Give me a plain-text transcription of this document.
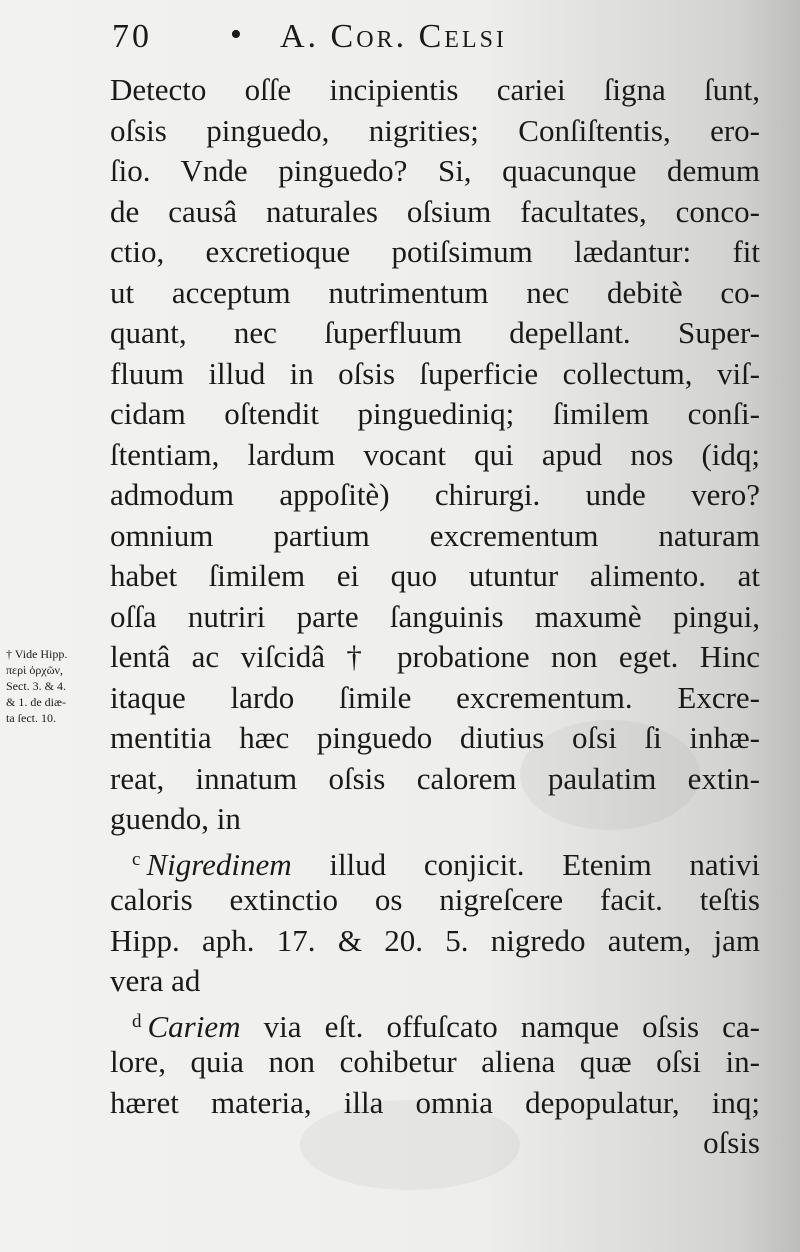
70 • A. Cor. Celsi
† Vide Hipp.
περὶ ὀρχῶν,
Sect. 3. & 4.
& 1. de diæ-
ta ſect. 10.
Detecto oſſe incipientis cariei ſigna ſunt,
oſsis pinguedo, nigrities; Conſiſtentis, ero-
ſio. Vnde pinguedo? Si, quacunque demum
de causâ naturales oſsium facultates, conco-
ctio, excretioque potiſsimum lædantur: fit
ut acceptum nutrimentum nec debitè co-
quant, nec ſuperfluum depellant. Super-
fluum illud in oſsis ſuperficie collectum, viſ-
cidam oſtendit pinguediniq; ſimilem conſi-
ſtentiam, lardum vocant qui apud nos (idq;
admodum appoſitè) chirurgi. unde vero?
omnium partium excrementum naturam
habet ſimilem ei quo utuntur alimento. at
oſſa nutriri parte ſanguinis maxumè pingui,
lentâ ac viſcidâ † probatione non eget. Hinc
itaque lardo ſimile excrementum. Excre-
mentitia hæc pinguedo diutius oſsi ſi inhæ-
reat, innatum oſsis calorem paulatim extin-
guendo, in
$^c$ Nigredinem illud conjicit. Etenim nativi
caloris extinctio os nigreſcere facit. teſtis
Hipp. aph. 17. & 20. 5. nigredo autem, jam
vera ad
$^d$ Cariem via eſt. offuſcato namque oſsis ca-
lore, quia non cohibetur aliena quæ oſsi in-
hæret materia, illa omnia depopulatur, inq;
oſsis
